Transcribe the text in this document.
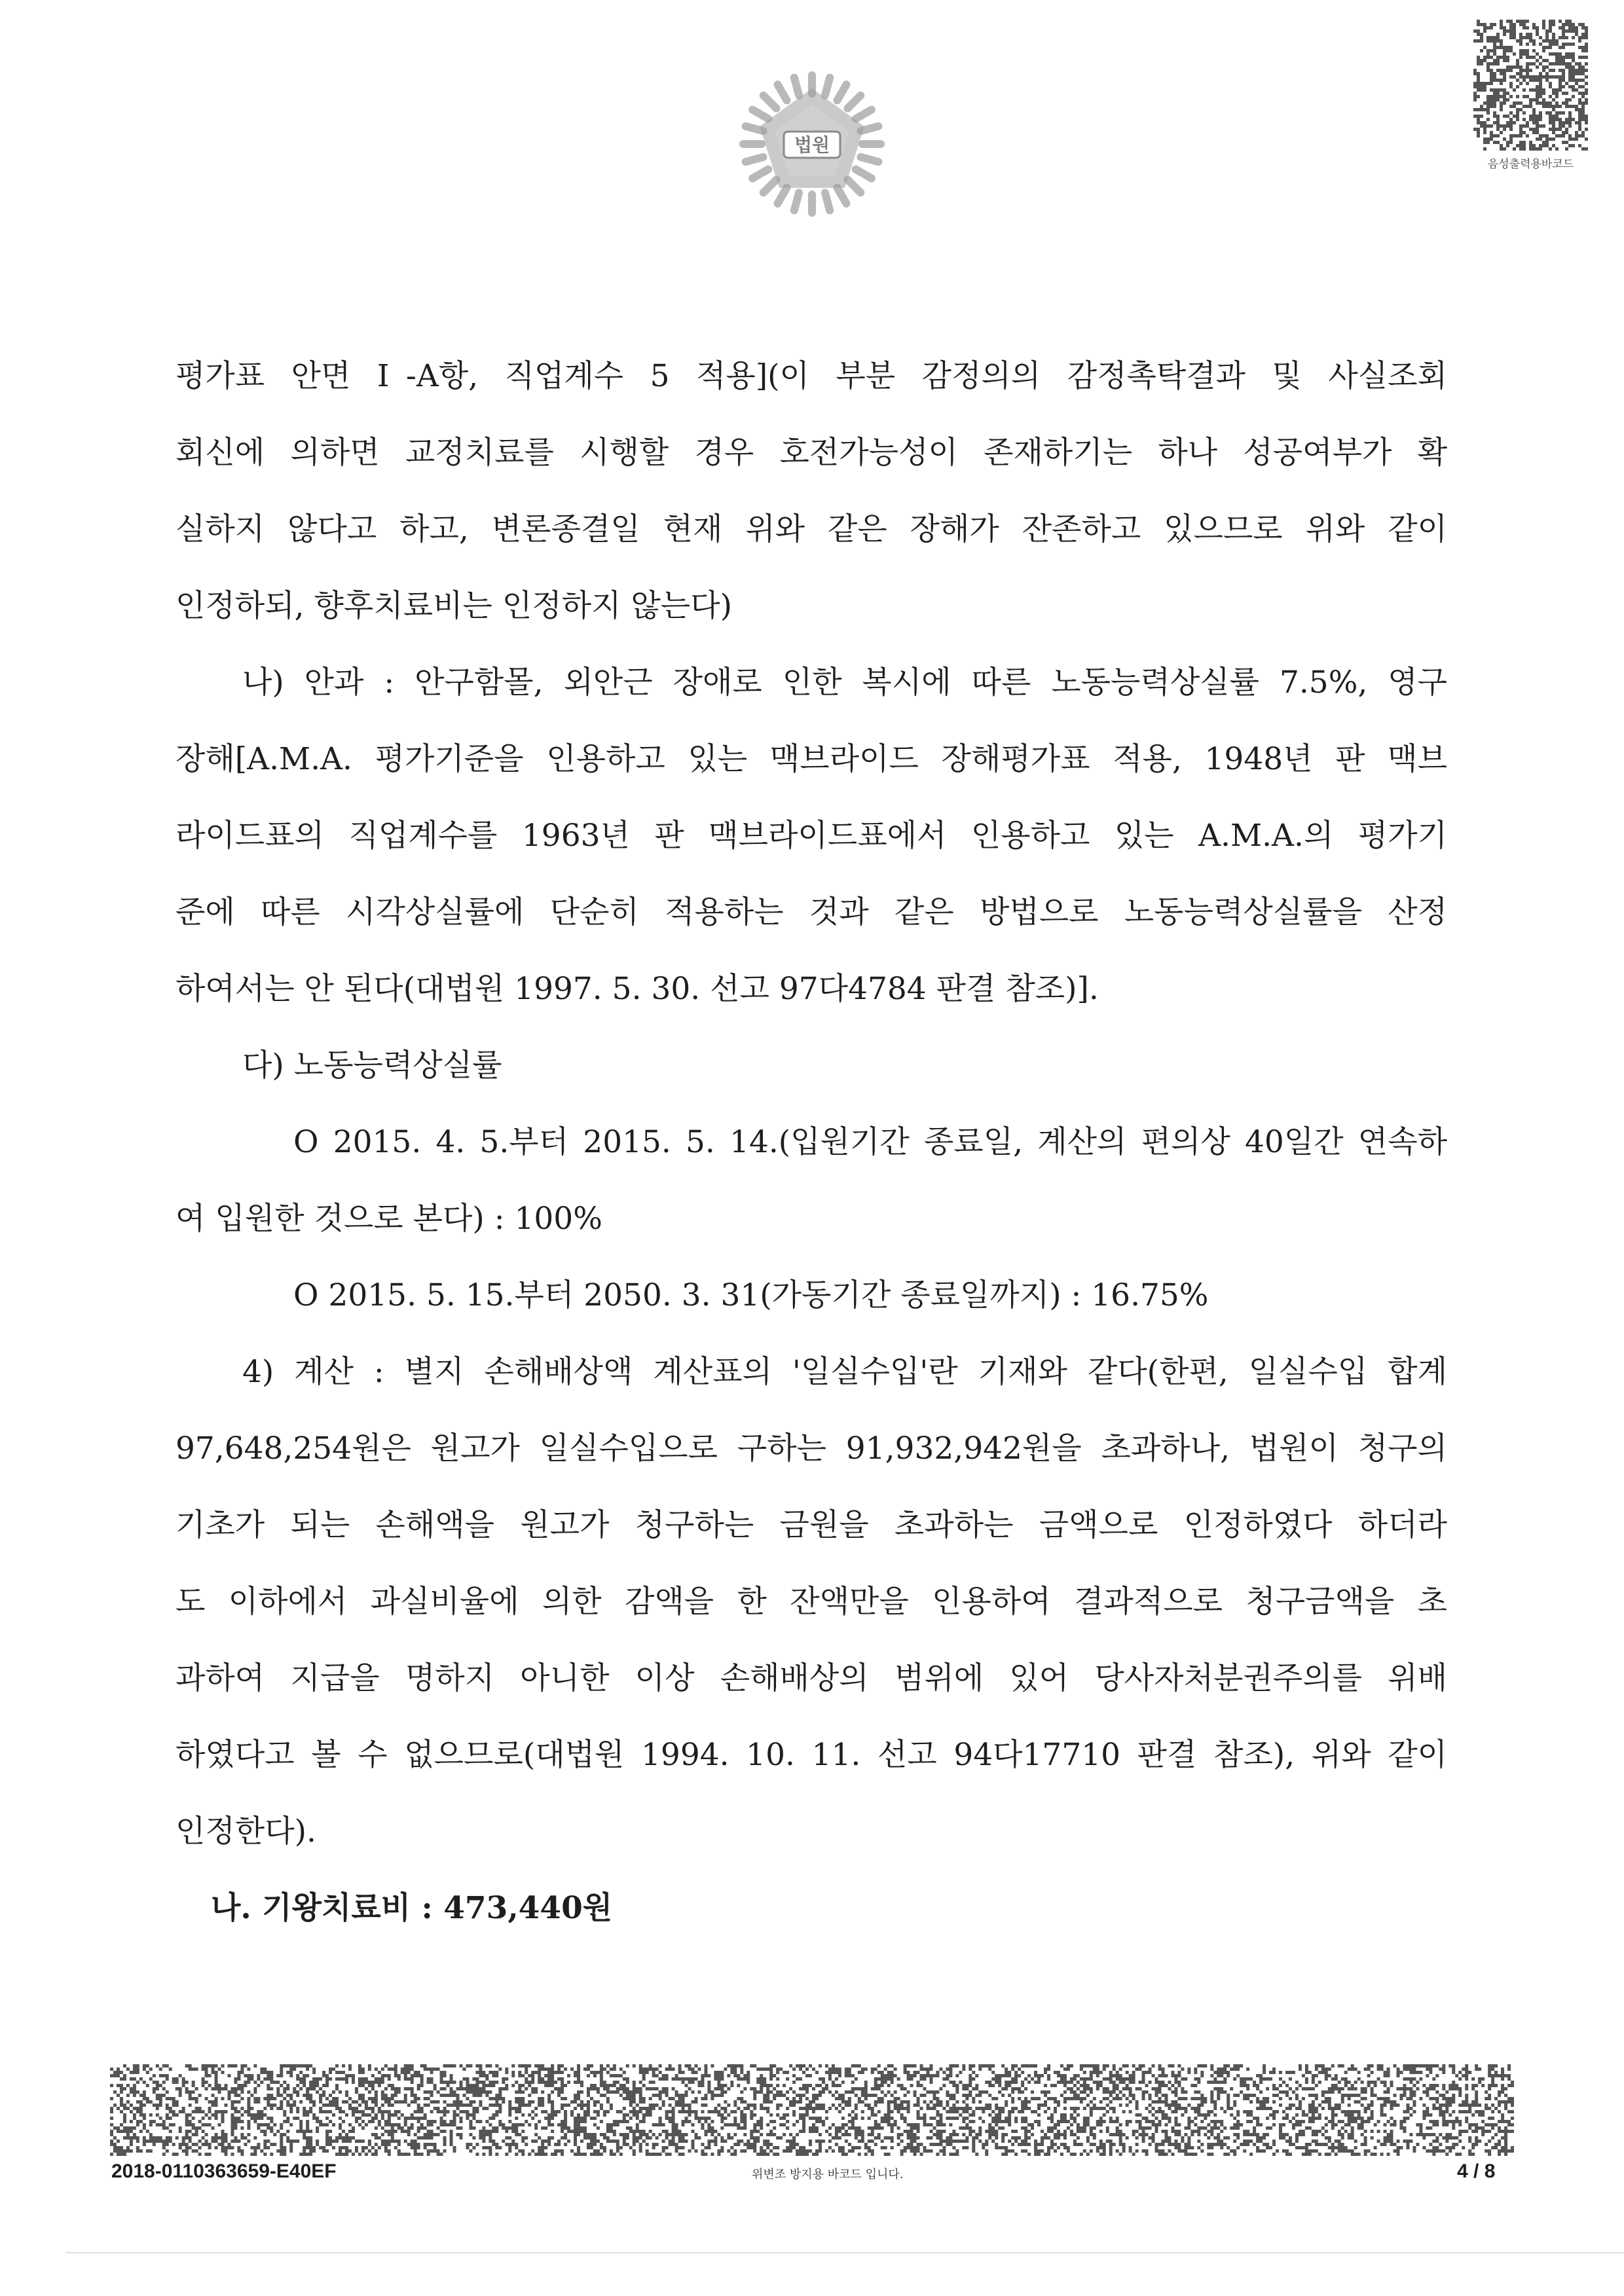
법원
음성출력용바코드
평가표 안면 Ⅰ-A항, 직업계수 5 적용](이 부분 감정의의 감정촉탁결과 및 사실조회
회신에 의하면 교정치료를 시행할 경우 호전가능성이 존재하기는 하나 성공여부가 확
실하지 않다고 하고, 변론종결일 현재 위와 같은 장해가 잔존하고 있으므로 위와 같이
인정하되, 향후치료비는 인정하지 않는다)
나) 안과 : 안구함몰, 외안근 장애로 인한 복시에 따른 노동능력상실률 7.5%, 영구
장해[A.M.A. 평가기준을 인용하고 있는 맥브라이드 장해평가표 적용, 1948년 판 맥브
라이드표의 직업계수를 1963년 판 맥브라이드표에서 인용하고 있는 A.M.A.의 평가기
준에 따른 시각상실률에 단순히 적용하는 것과 같은 방법으로 노동능력상실률을 산정
하여서는 안 된다(대법원 1997. 5. 30. 선고 97다4784 판결 참조)].
다) 노동능력상실률
O 2015. 4. 5.부터 2015. 5. 14.(입원기간 종료일, 계산의 편의상 40일간 연속하
여 입원한 것으로 본다) : 100%
O 2015. 5. 15.부터 2050. 3. 31(가동기간 종료일까지) : 16.75%
4) 계산 : 별지 손해배상액 계산표의 '일실수입'란 기재와 같다(한편, 일실수입 합계
97,648,254원은 원고가 일실수입으로 구하는 91,932,942원을 초과하나, 법원이 청구의
기초가 되는 손해액을 원고가 청구하는 금원을 초과하는 금액으로 인정하였다 하더라
도 이하에서 과실비율에 의한 감액을 한 잔액만을 인용하여 결과적으로 청구금액을 초
과하여 지급을 명하지 아니한 이상 손해배상의 범위에 있어 당사자처분권주의를 위배
하였다고 볼 수 없으므로(대법원 1994. 10. 11. 선고 94다17710 판결 참조), 위와 같이
인정한다).
나. 기왕치료비 : 473,440원
2018-0110363659-E40EF	위변조 방지용 바코드 입니다.	4 / 8
